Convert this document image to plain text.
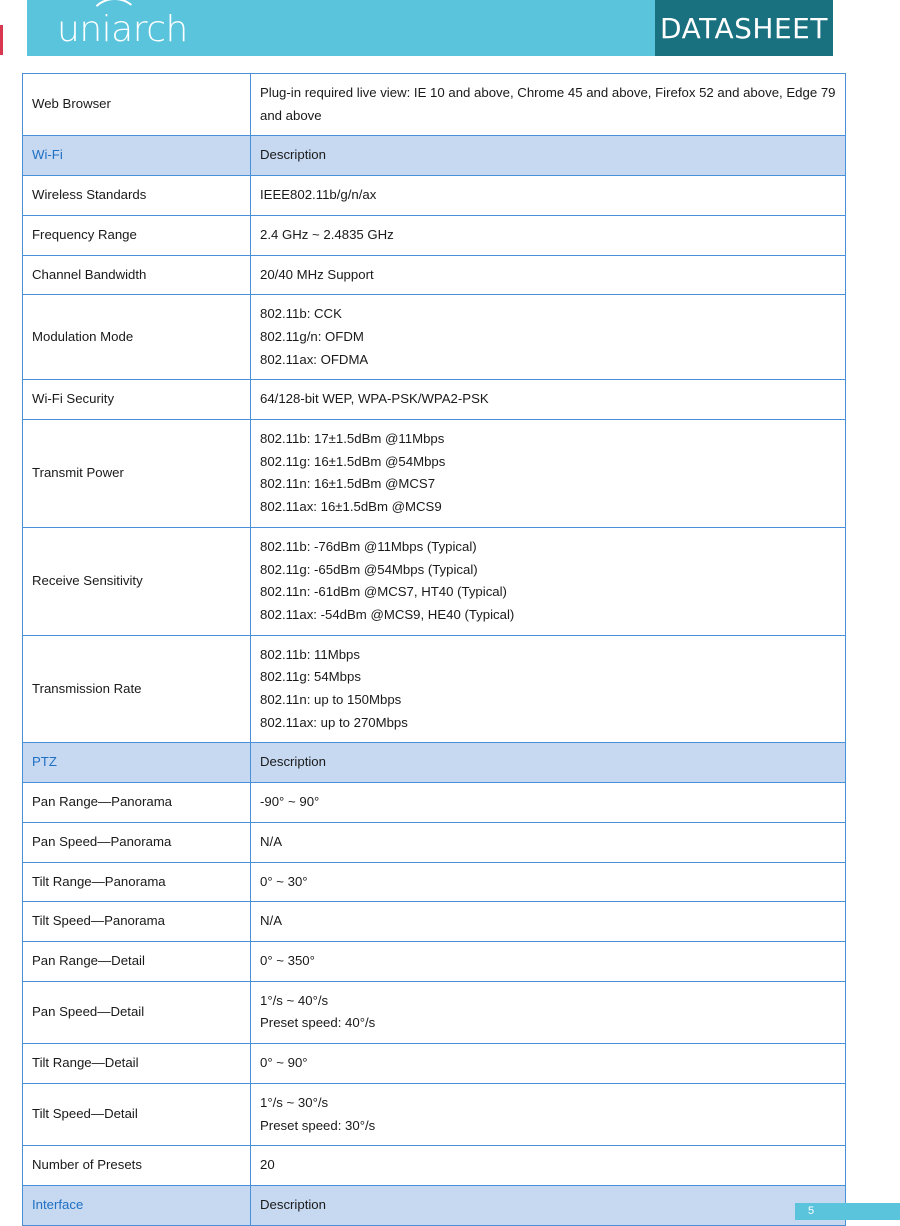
uniarch	DATASHEET
Web Browser	Plug-in required live view: IE 10 and above, Chrome 45 and above, Firefox 52 and above, Edge 79 and above
Wi-Fi	Description
Wireless Standards	IEEE802.11b/g/n/ax
Frequency Range	2.4 GHz ~ 2.4835 GHz
Channel Bandwidth	20/40 MHz Support
Modulation Mode	802.11b: CCK
802.11g/n: OFDM
802.11ax: OFDMA

Wi-Fi Security	64/128-bit WEP, WPA-PSK/WPA2-PSK
Transmit Power	802.11b: 17±1.5dBm @11Mbps
802.11g: 16±1.5dBm @54Mbps
802.11n: 16±1.5dBm @MCS7
802.11ax: 16±1.5dBm @MCS9

Receive Sensitivity	802.11b: -76dBm @11Mbps (Typical)
802.11g: -65dBm @54Mbps (Typical)
802.11n: -61dBm @MCS7, HT40 (Typical)
802.11ax: -54dBm @MCS9, HE40 (Typical)

Transmission Rate	802.11b: 11Mbps
802.11g: 54Mbps
802.11n: up to 150Mbps
802.11ax: up to 270Mbps

PTZ	Description
Pan Range—Panorama	-90° ~ 90°
Pan Speed—Panorama	N/A
Tilt Range—Panorama	0° ~ 30°
Tilt Speed—Panorama	N/A
Pan Range—Detail	0° ~ 350°
Pan Speed—Detail	1°/s ~ 40°/s
Preset speed: 40°/s

Tilt Range—Detail	0° ~ 90°
Tilt Speed—Detail	1°/s ~ 30°/s
Preset speed: 30°/s

Number of Presets	20
Interface	Description	5
